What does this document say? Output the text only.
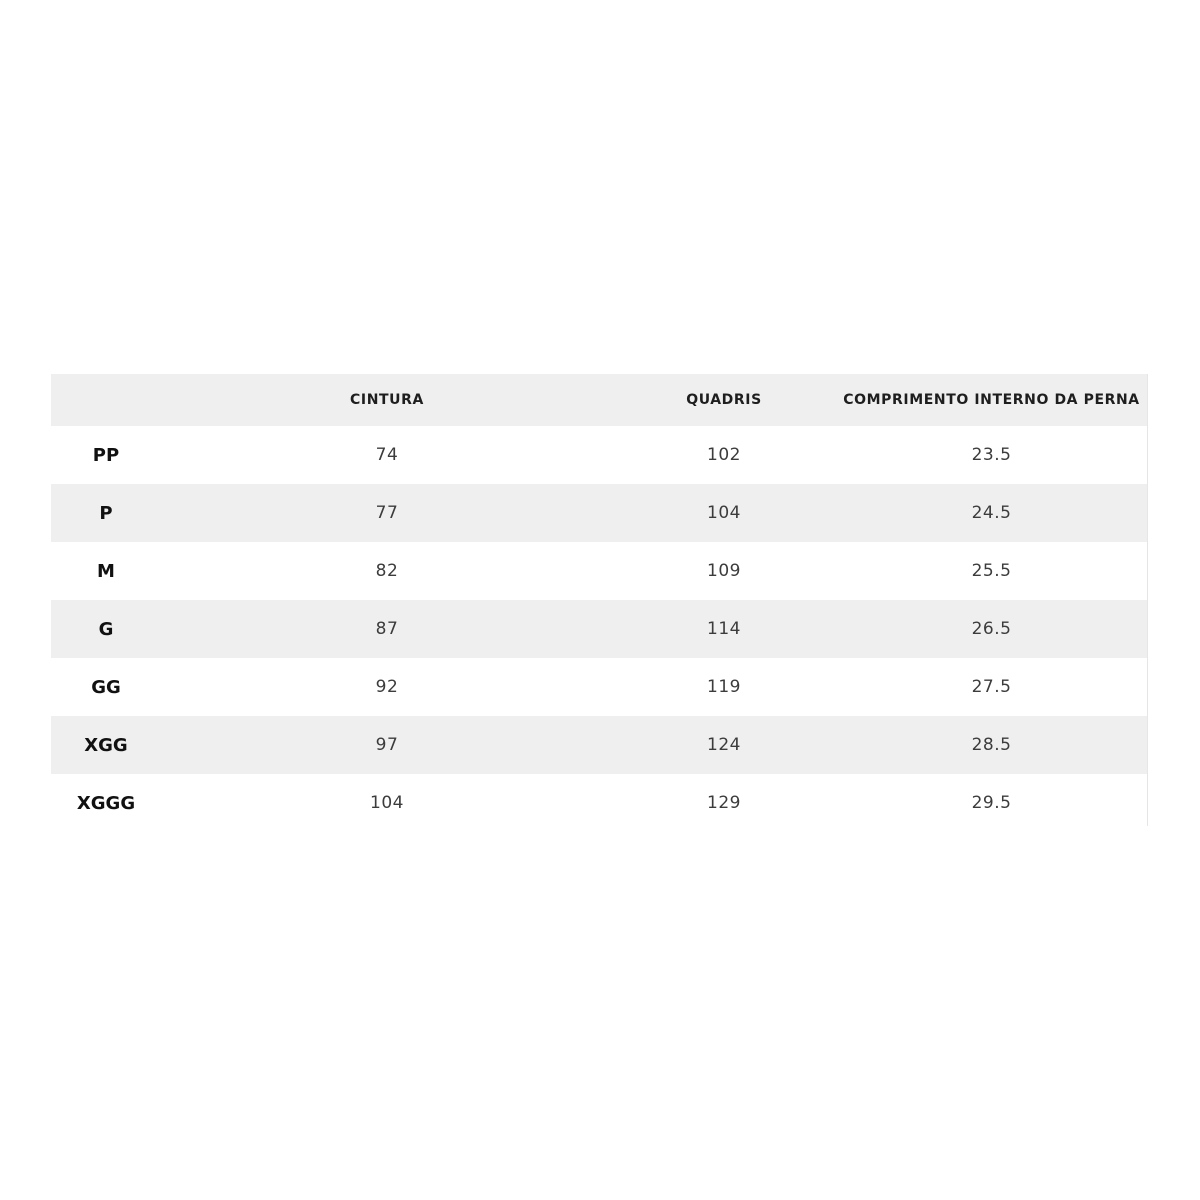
	CINTURA	QUADRIS	COMPRIMENTO INTERNO DA PERNA
PP	74	102	23.5
P	77	104	24.5
M	82	109	25.5
G	87	114	26.5
GG	92	119	27.5
XGG	97	124	28.5
XGGG	104	129	29.5
